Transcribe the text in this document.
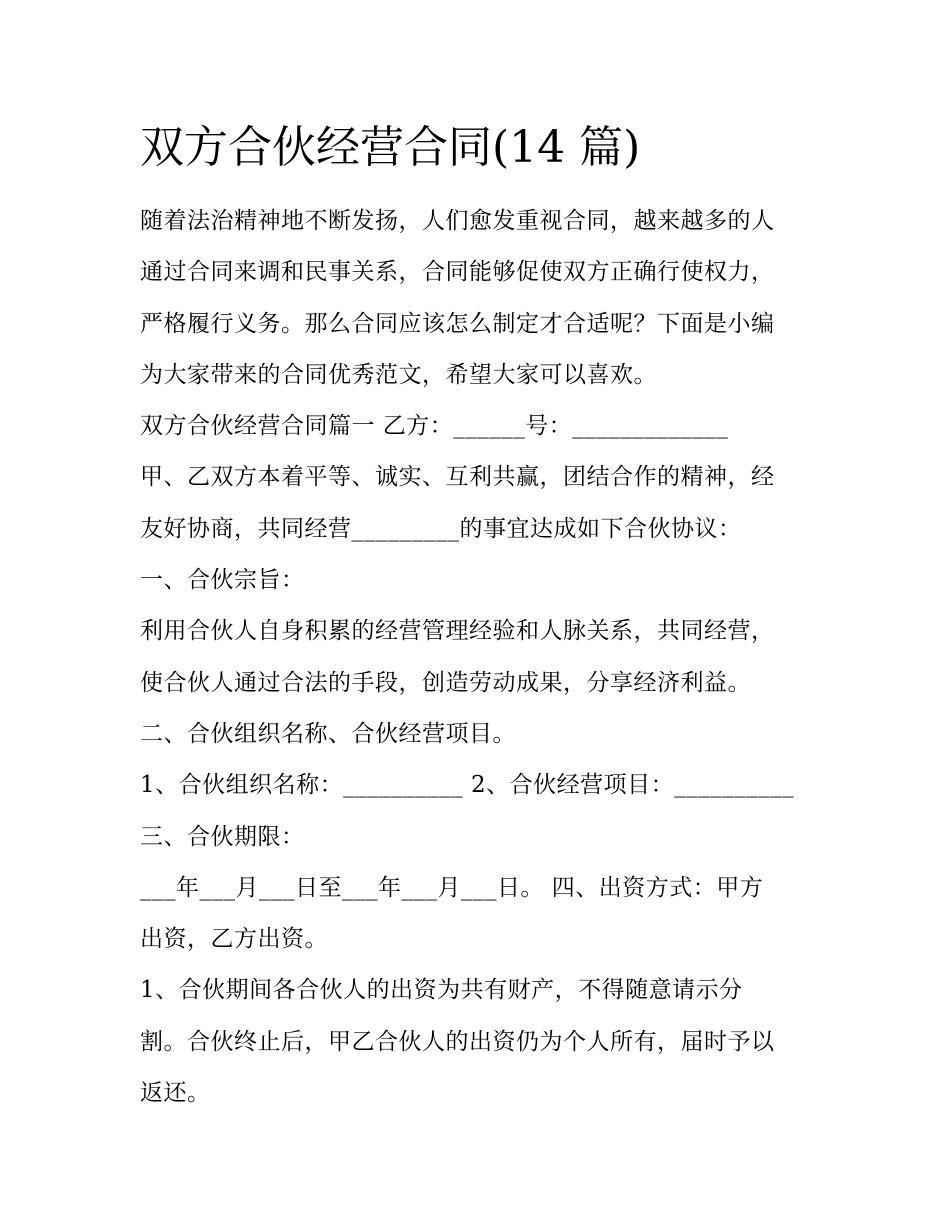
双方合伙经营合同(14 篇)

随着法治精神地不断发扬，人们愈发重视合同，越来越多的人

通过合同来调和民事关系，合同能够促使双方正确行使权力，

严格履行义务。那么合同应该怎么制定才合适呢？下面是小编

为大家带来的合同优秀范文，希望大家可以喜欢。

双方合伙经营合同篇一 乙方：______号：_____________

甲、乙双方本着平等、诚实、互利共赢，团结合作的精神，经

友好协商，共同经营_________的事宜达成如下合伙协议：

一、合伙宗旨：

利用合伙人自身积累的经营管理经验和人脉关系，共同经营，

使合伙人通过合法的手段，创造劳动成果，分享经济利益。

二、合伙组织名称、合伙经营项目。

1、合伙组织名称：__________ 2、合伙经营项目：__________

三、合伙期限：

___年___月___日至___年___月___日。 四、出资方式：甲方

出资，乙方出资。

1、合伙期间各合伙人的出资为共有财产，不得随意请示分

割。合伙终止后，甲乙合伙人的出资仍为个人所有，届时予以

返还。
